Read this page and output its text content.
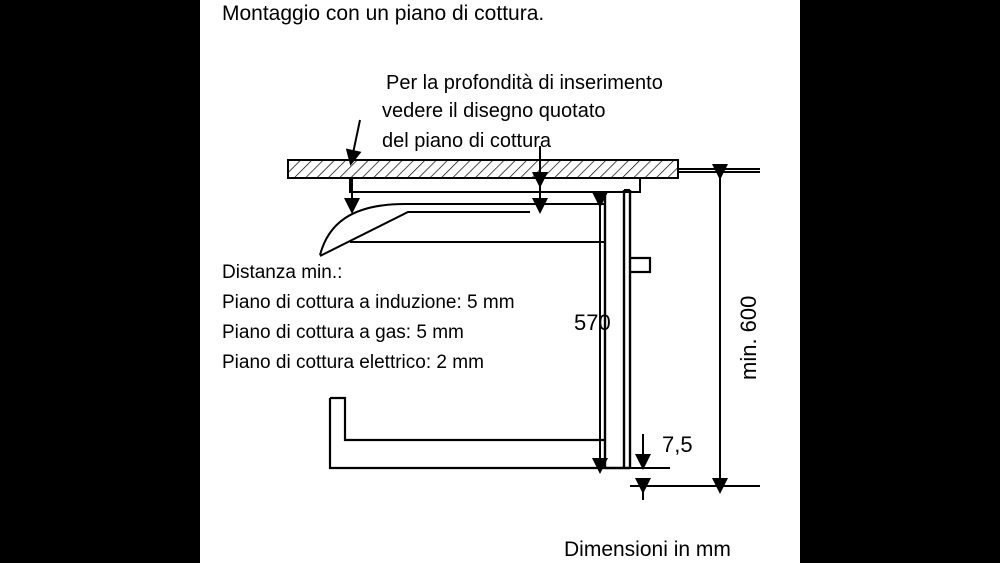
Montaggio con un piano di cottura.
Per la profondità di inserimento
vedere il disegno quotato
del piano di cottura
Distanza min.:
Piano di cottura a induzione: 5 mm
Piano di cottura a gas: 5 mm
Piano di cottura elettrico: 2 mm
570	min. 600
7,5
Dimensioni in mm
